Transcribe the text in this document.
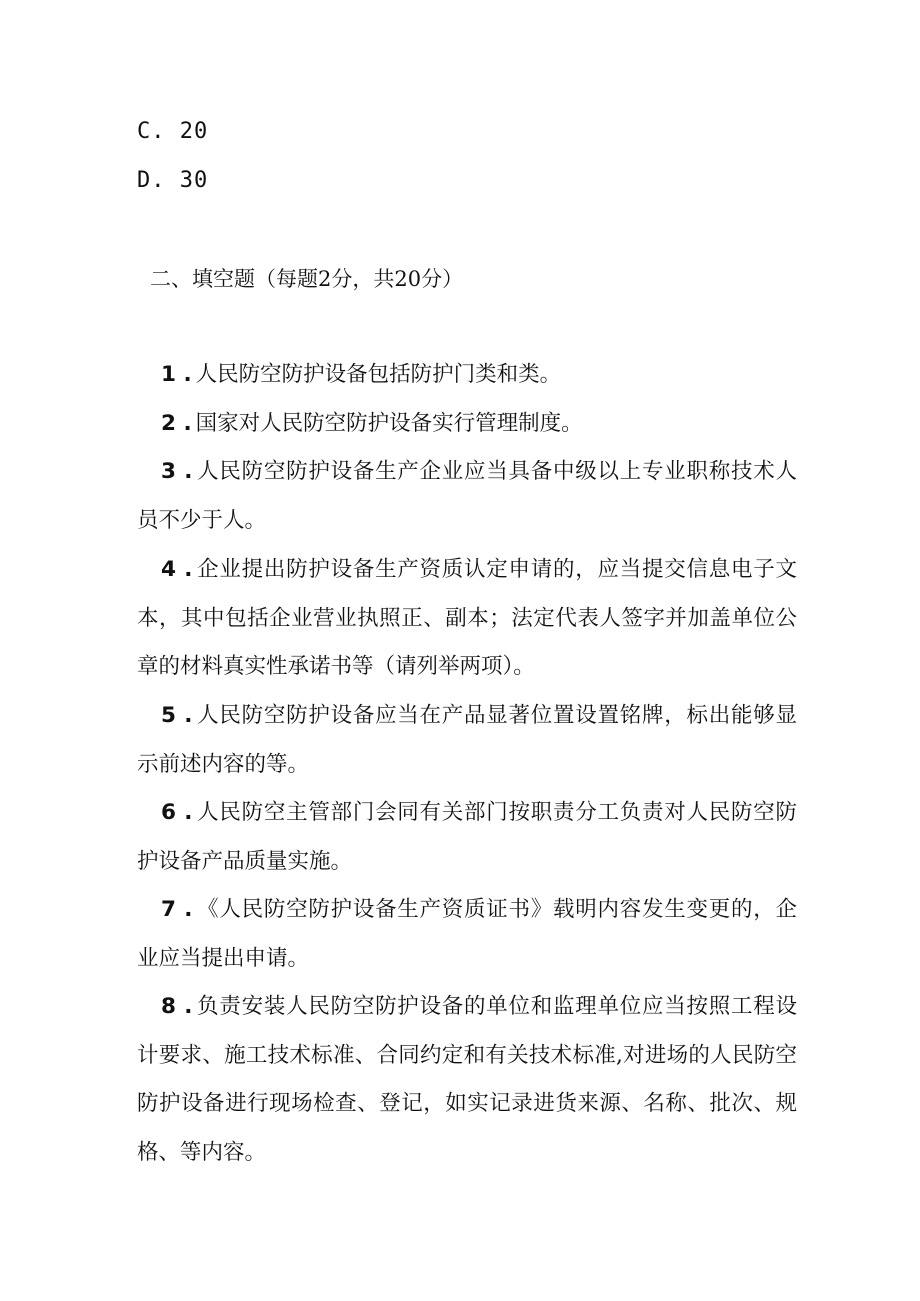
C. 20
D. 30
二、填空题（每题2分，共20分）

1 . 人民防空防护设备包括防护门类和类。

2 . 国家对人民防空防护设备实行管理制度。

3 . 人民防空防护设备生产企业应当具备中级以上专业职称技术人员不少于人。

4 . 企业提出防护设备生产资质认定申请的，应当提交信息电子文本，其中包括企业营业执照正、副本；法定代表人签字并加盖单位公章的材料真实性承诺书等（请列举两项）。

5 . 人民防空防护设备应当在产品显著位置设置铭牌，标出能够显示前述内容的等。

6 . 人民防空主管部门会同有关部门按职责分工负责对人民防空防护设备产品质量实施。

7 . 《人民防空防护设备生产资质证书》载明内容发生变更的，企业应当提出申请。

8 . 负责安装人民防空防护设备的单位和监理单位应当按照工程设计要求、施工技术标准、合同约定和有关技术标准,对进场的人民防空防护设备进行现场检查、登记，如实记录进货来源、名称、批次、规格、等内容。
